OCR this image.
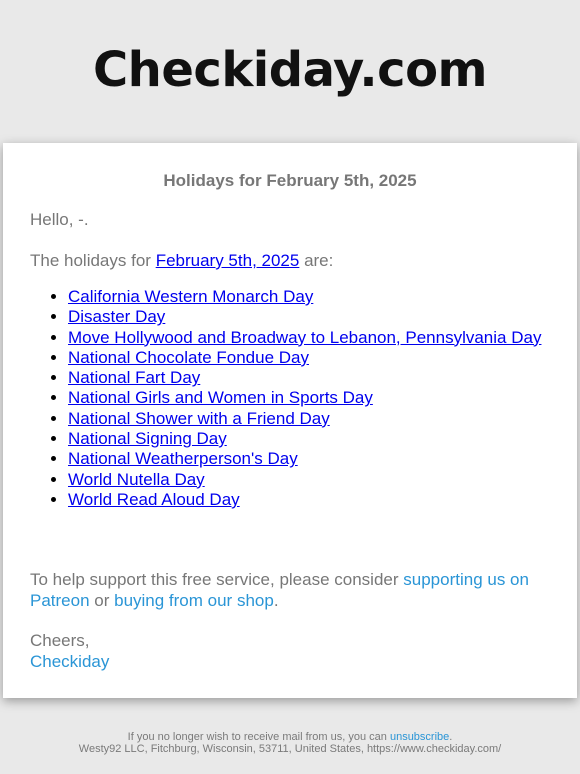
Checkiday.com
Holidays for February 5th, 2025
Hello, -.
The holidays for February 5th, 2025 are:
• California Western Monarch Day
• Disaster Day
• Move Hollywood and Broadway to Lebanon, Pennsylvania Day
• National Chocolate Fondue Day
• National Fart Day
• National Girls and Women in Sports Day
• National Shower with a Friend Day
• National Signing Day
• National Weatherperson's Day
• World Nutella Day
• World Read Aloud Day
To help support this free service, please consider supporting us on Patreon or buying from our shop.
Cheers,
Checkiday
If you no longer wish to receive mail from us, you can unsubscribe.
Westy92 LLC, Fitchburg, Wisconsin, 53711, United States, https://www.checkiday.com/
